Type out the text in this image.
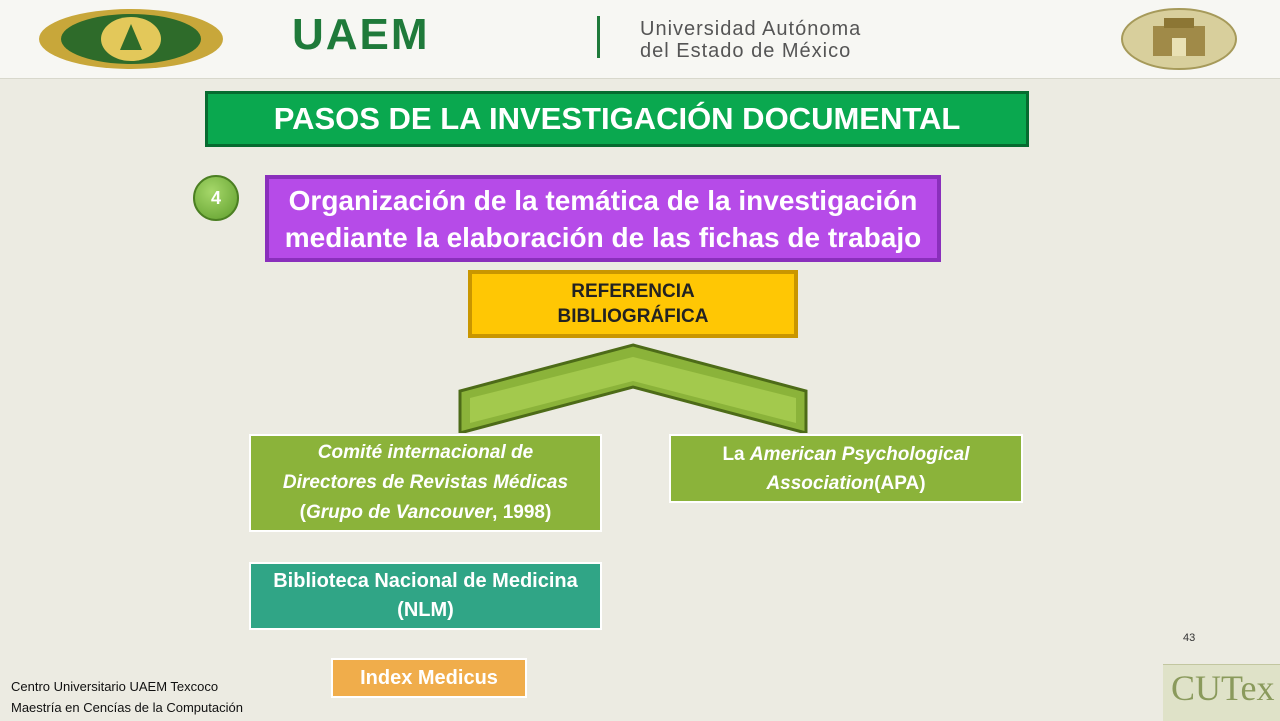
UAEM	Universidad Autónoma
del Estado de México
PASOS DE LA INVESTIGACIÓN DOCUMENTAL
4	Organización de la temática de la investigación
mediante la elaboración de las fichas de trabajo
REFERENCIA
BIBLIOGRÁFICA
Comité internacional de
Directores de Revistas Médicas
(Grupo de Vancouver, 1998)
La American Psychological
Association(APA)
Biblioteca Nacional de Medicina
(NLM)
Index Medicus
43
Centro Universitario UAEM Texcoco
Maestría en Cencías de la Computación	CUTex
